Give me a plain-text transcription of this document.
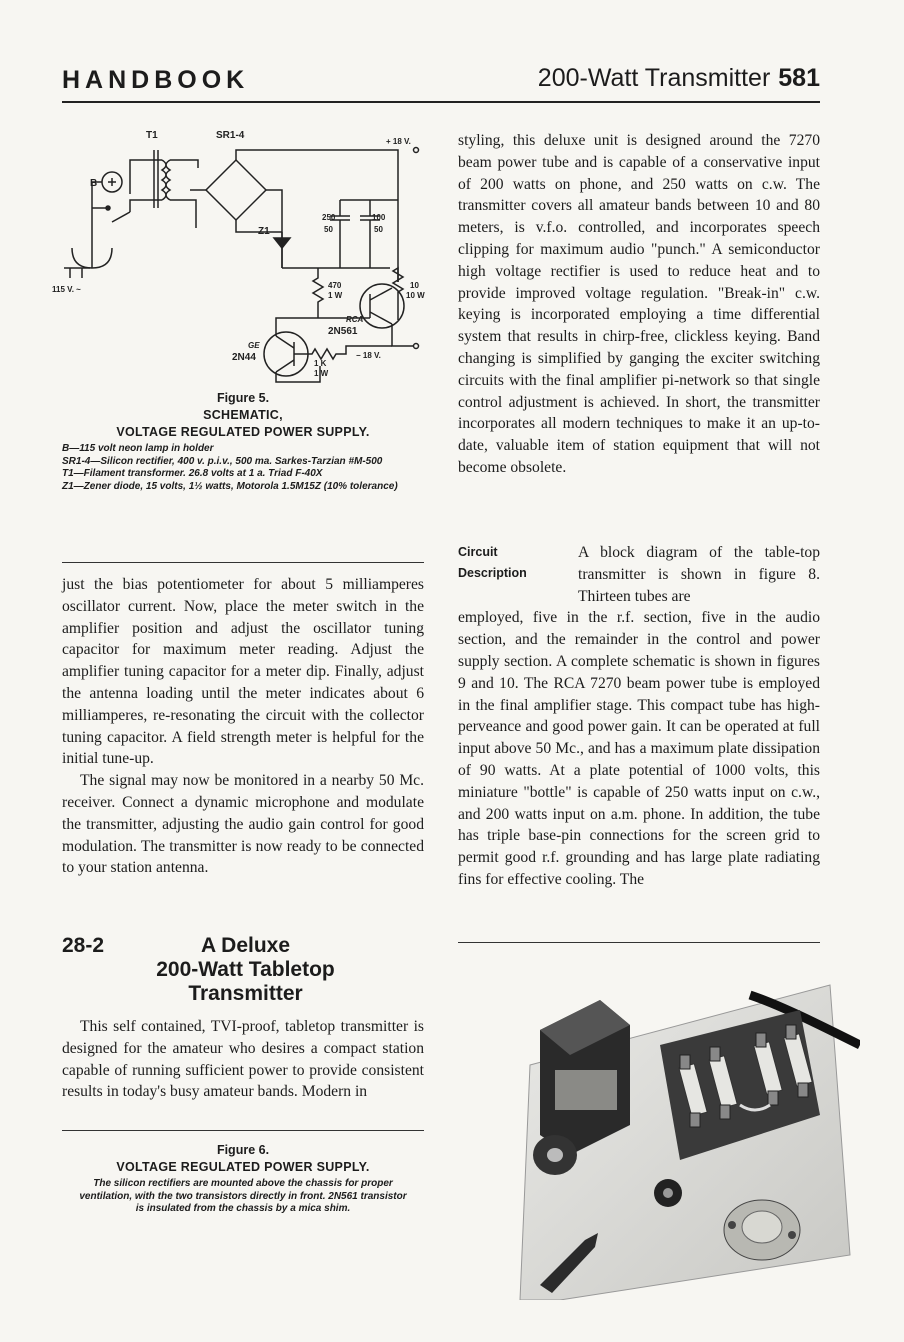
HANDBOOK	200-Watt Transmitter 581
T1	SR1-4
B
115 V. ~
Z1
250
50
100
50
+ 18 V.
470
1 W
10
10 W
RCA
2N561
GE
2N44
1 K
1 W
− 18 V.
Figure 5.
SCHEMATIC,
VOLTAGE REGULATED POWER SUPPLY.
B—115 volt neon lamp in holder
SR1-4—Silicon rectifier, 400 v. p.i.v., 500 ma. Sarkes-Tarzian #M-500
T1—Filament transformer. 26.8 volts at 1 a. Triad F-40X
Z1—Zener diode, 15 volts, 1½ watts, Motorola 1.5M15Z (10% tolerance)

just the bias potentiometer for about 5 milliamperes oscillator current. Now, place the meter switch in the amplifier position and adjust the oscillator tuning capacitor for maximum meter reading. Adjust the amplifier tuning capacitor for a meter dip. Finally, adjust the antenna loading until the meter indicates about 6 milliamperes, re-resonating the circuit with the collector tuning capacitor. A field strength meter is helpful for the initial tune-up.

The signal may now be monitored in a nearby 50 Mc. receiver. Connect a dynamic microphone and modulate the transmitter, adjusting the audio gain control for good modulation. The transmitter is now ready to be connected to your station antenna.

28-2	A Deluxe
200-Watt Tabletop
Transmitter

This self contained, TVI-proof, tabletop transmitter is designed for the amateur who desires a compact station capable of running sufficient power to provide consistent results in today's busy amateur bands. Modern in

Figure 6.
VOLTAGE REGULATED POWER SUPPLY.
The silicon rectifiers are mounted above the chassis for proper ventilation, with the two transistors directly in front. 2N561 transistor is insulated from the chassis by a mica shim.

styling, this deluxe unit is designed around the 7270 beam power tube and is capable of a conservative input of 200 watts on phone, and 250 watts on c.w. The transmitter covers all amateur bands between 10 and 80 meters, is v.f.o. controlled, and incorporates speech clipping for maximum audio "punch." A semiconductor high voltage rectifier is used to reduce heat and to provide improved voltage regulation. "Break-in" c.w. keying is incorporated employing a time differential system that results in chirp-free, clickless keying. Band changing is simplified by ganging the exciter switching circuits with the final amplifier pi-network so that single control adjustment is achieved. In short, the transmitter incorporates all modern techniques to make it an up-to-date, valuable item of station equipment that will not become obsolete.

Circuit
Description

A block diagram of the table-top transmitter is shown in figure 8. Thirteen tubes are

employed, five in the r.f. section, five in the audio section, and the remainder in the control and power supply section. A complete schematic is shown in figures 9 and 10. The RCA 7270 beam power tube is employed in the final amplifier stage. This compact tube has high-perveance and good power gain. It can be operated at full input above 50 Mc., and has a maximum plate dissipation of 90 watts. At a plate potential of 1000 volts, this miniature "bottle" is capable of 250 watts input on c.w., and 200 watts input on a.m. phone. In addition, the tube has triple base-pin connections for the screen grid to permit good r.f. grounding and has large plate radiating fins for effective cooling. The
